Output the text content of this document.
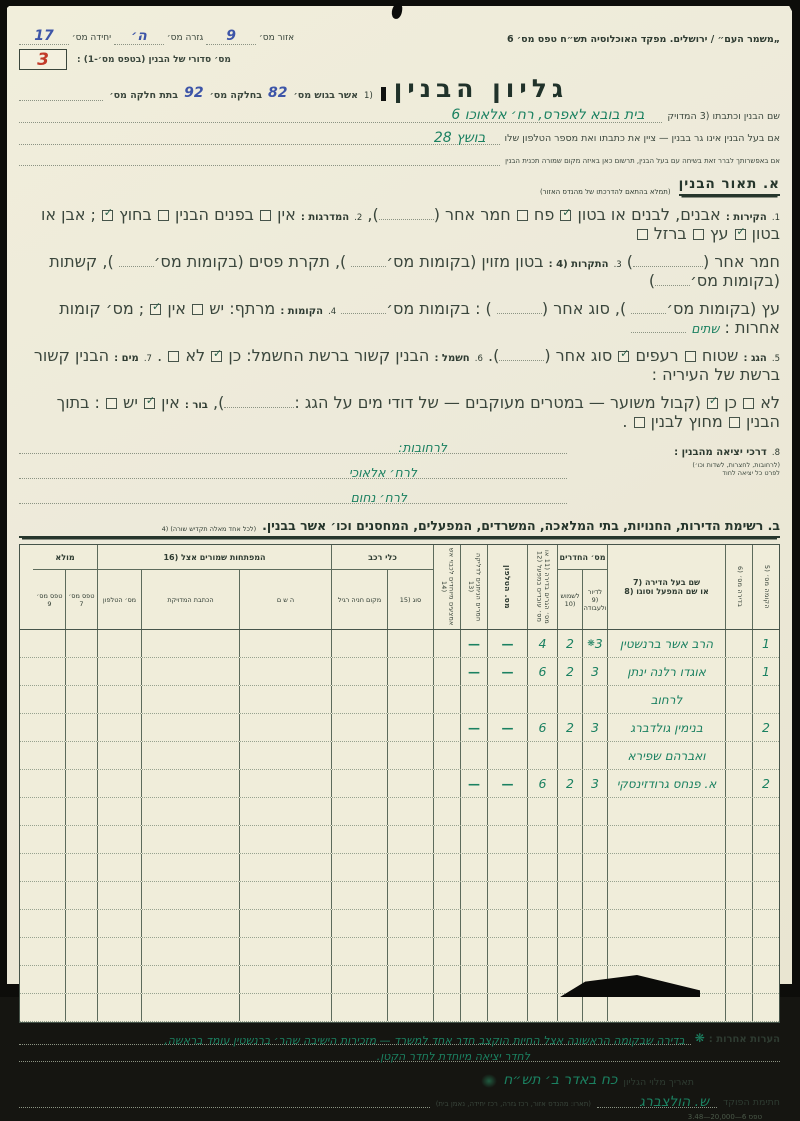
„משמר העם״ / ירושלים. מפקד האוכלוסיה תש״ח טפס מס׳ 6
אזור מס׳ 9 גזרה מס׳ ה׳ יחידה מס׳ 17
מס׳ סדורי של הבנין (בטפס מס׳-1) :
3
גליון הבנין
(1
אשר בגוש מס׳
82
בחלקה מס׳
92
בתת חלקה מס׳
שם הבנין וכתבתו (3 המדויק
בית בובא לאפרס, רח׳ אלאוכו 6
אם בעל הבנין אינו גר בבנין — ציין את כתבתו ואת מספר הטלפון שלו
בושץ 28
אם באפשרותך לברר זאת בשיחה עם בעל הבנין, תרשום כאן באיזה מקום שמורה תכנית הבנין
א. תאור הבנין
(תמלא בהתאם להדרכתו של מהנדס האזור)
1. הקירות : אבנים, לבנים או בטון ✓ פח  חמר אחר (), 2. המדרגות : אין  בפנים הבנין  בחוץ ✓ ; אבן או בטון ✓ עץ  ברזל
חמר אחר () 3. התקרות (4 : בטון מזוין (בקומות מס׳ ), תקרת פסים (בקומות מס׳ ), קשתות (בקומות מס׳)
עץ (בקומות מס׳ ), סוג אחר ( ) : בקומות מס׳ 4. הקומות : מרתף: יש  אין ✓ ; מס׳ קומות אחרות : שתים
5. הגג : שטוח  רעפים ✓ סוג אחר (). 6. חשמל : הבנין קשור ברשת החשמל: כן ✓ לא  . 7. מים : הבנין קשור ברשת של העיריה :
לא  כן ✓ (קבול משוער — במטרים מעוקבים — של דודי מים על הגג :), בור : אין ✓ יש  : בתוך הבנין  מחוץ לבנין  .
8. דרכי יציאה מהבנין :
(לרחובות, לחצרות, לשדות וכו׳)
לפרט כל יציאה לחוד
לרחובות:
לרח׳ אלאוכי
לרח׳ נחום
ב. רשימת הדירות, החנויות, בתי המלאכה, המשרדים, המפעלים, המחסנים וכו׳ אשר בבנין.
(לכל אחד מאלה תקדיש שורה) (4
הקומה מס׳ (5
בדירה מס׳ (6
שם בעל הדירה (7
או שם המפעל וסוגו (8
מס׳ החדרים
לדיור (9 ולעבודה
לשמוש (10
מס׳ הגרים בדירה (11 או
מס׳ עובדים במפעל (12
מס. הטלפון
חמרים הניתנים לדליקה (13
אמצעים מיוחדים לכבוי אש (14
כלי רכב
סוג (15
מקום חניה רגיל
המפתחות שמורים אצל (16
ה ש ם
הכתבת המדויקת
מס׳ הטלפון
מולא
טפס מס׳ 7
טפס מס׳ 9
1
הרב אשר ברנשטין
3
❋
2
4
—
—
1
אוגדו רלנה ינתן
3
2
6
—
—
לרחוב
2
בנימין גולדברג
3
2
6
—
—
ואברהם שפירא
2
א. פנחס גרודזינסקי
3
2
6
—
—
הערות אחרות :
❋
בדירה שבקומה הראשונה אצל החיות הוקצב חדר אחד למשרד — מזכירות הישיבה שהר׳ ברנשטין עומד בראשה,
לחדר יציאה מיוחדת לחדר הקטן.
תאריך מלוי הגליון
כח באדר ב׳ תש״ח
חתימת הפוקד
ש. הולצברג
(תארו: מהנדס אזור, רכז גזרה, רכז יחידה, נאמן בית)
טפס 6—20,000—3.48
